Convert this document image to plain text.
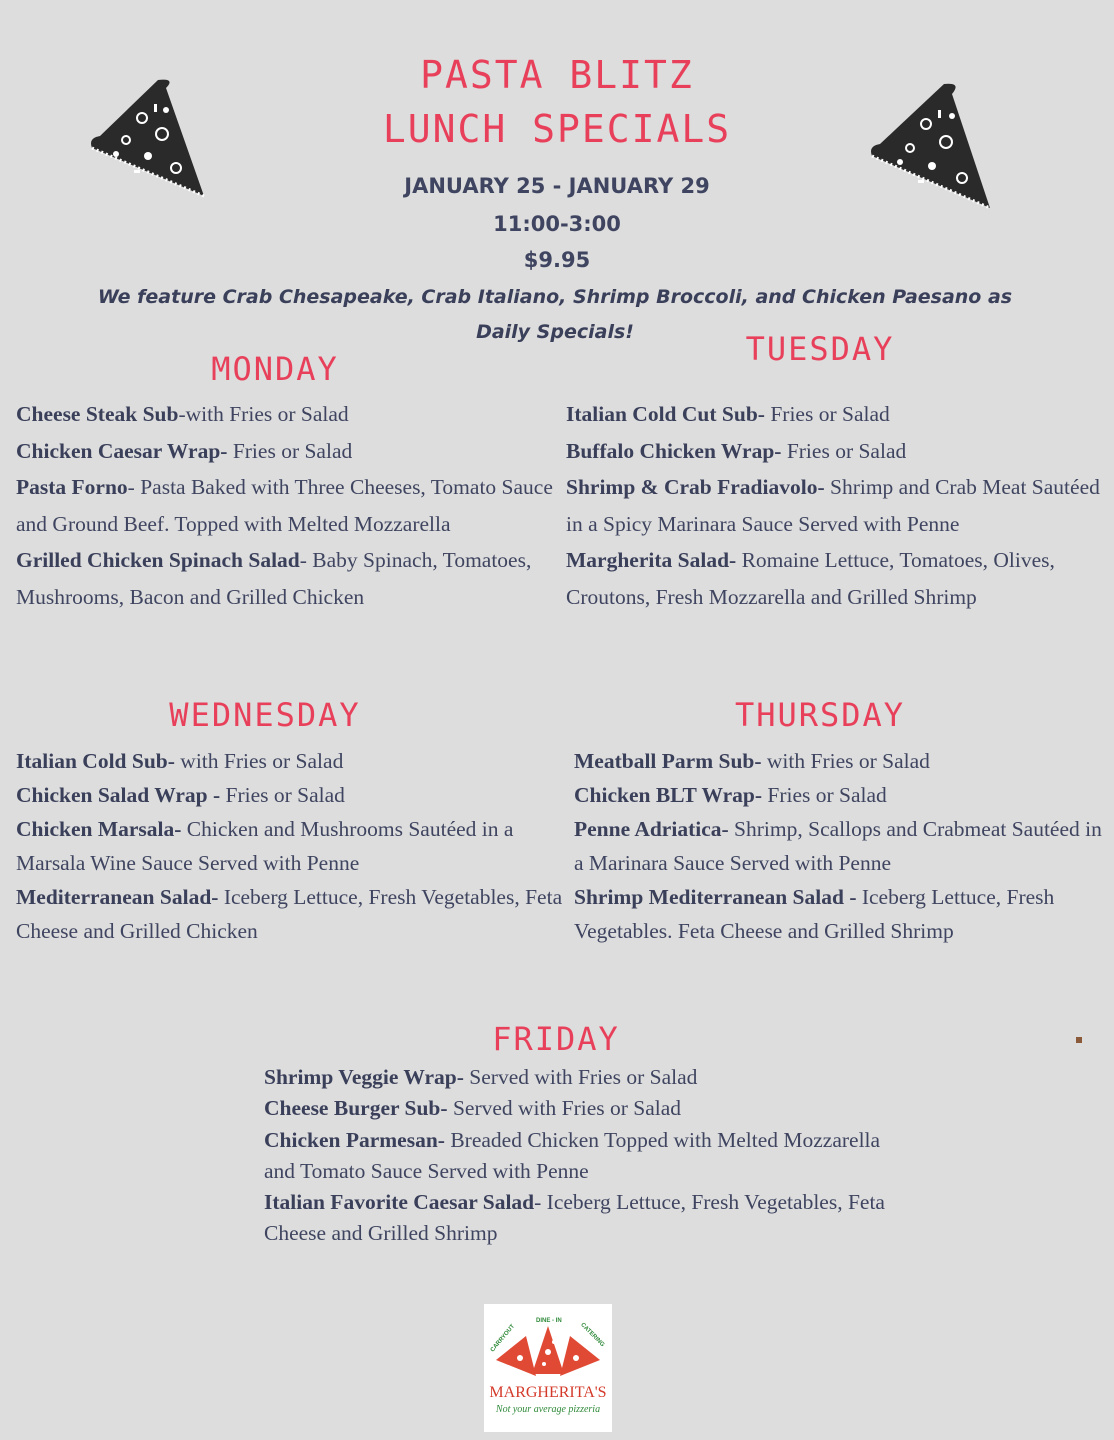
PASTA BLITZ
LUNCH SPECIALS
JANUARY 25 - JANUARY 29
11:00-3:00
$9.95
We feature Crab Chesapeake, Crab Italiano, Shrimp Broccoli, and Chicken Paesano as
Daily Specials!
MONDAY
TUESDAY
WEDNESDAY	THURSDAY
FRIDAY

Cheese Steak Sub-with Fries or Salad

Chicken Caesar Wrap- Fries or Salad

Pasta Forno- Pasta Baked with Three Cheeses, Tomato Sauce and Ground Beef. Topped with Melted Mozzarella

Grilled Chicken Spinach Salad- Baby Spinach, Tomatoes, Mushrooms, Bacon and Grilled Chicken

Italian Cold Cut Sub- Fries or Salad

Buffalo Chicken Wrap- Fries or Salad

Shrimp & Crab Fradiavolo- Shrimp and Crab Meat Sautéed in a Spicy Marinara Sauce Served with Penne

Margherita Salad- Romaine Lettuce, Tomatoes, Olives, Croutons, Fresh Mozzarella and Grilled Shrimp

Italian Cold Sub- with Fries or Salad

Chicken Salad Wrap - Fries or Salad

Chicken Marsala- Chicken and Mushrooms Sautéed in a Marsala Wine Sauce Served with Penne

Mediterranean Salad- Iceberg Lettuce, Fresh Vegetables, Feta Cheese and Grilled Chicken

Meatball Parm Sub- with Fries or Salad

Chicken BLT Wrap- Fries or Salad

Penne Adriatica- Shrimp, Scallops and Crabmeat Sautéed in a Marinara Sauce Served with Penne

Shrimp Mediterranean Salad - Iceberg Lettuce, Fresh Vegetables. Feta Cheese and Grilled Shrimp

Shrimp Veggie Wrap- Served with Fries or Salad

Cheese Burger Sub- Served with Fries or Salad

Chicken Parmesan- Breaded Chicken Topped with Melted Mozzarella and Tomato Sauce Served with Penne

Italian Favorite Caesar Salad- Iceberg Lettuce, Fresh Vegetables, Feta Cheese and Grilled Shrimp

CARRYOUT
DINE - IN
CATERING
MARGHERITA'S
Not your average pizzeria
